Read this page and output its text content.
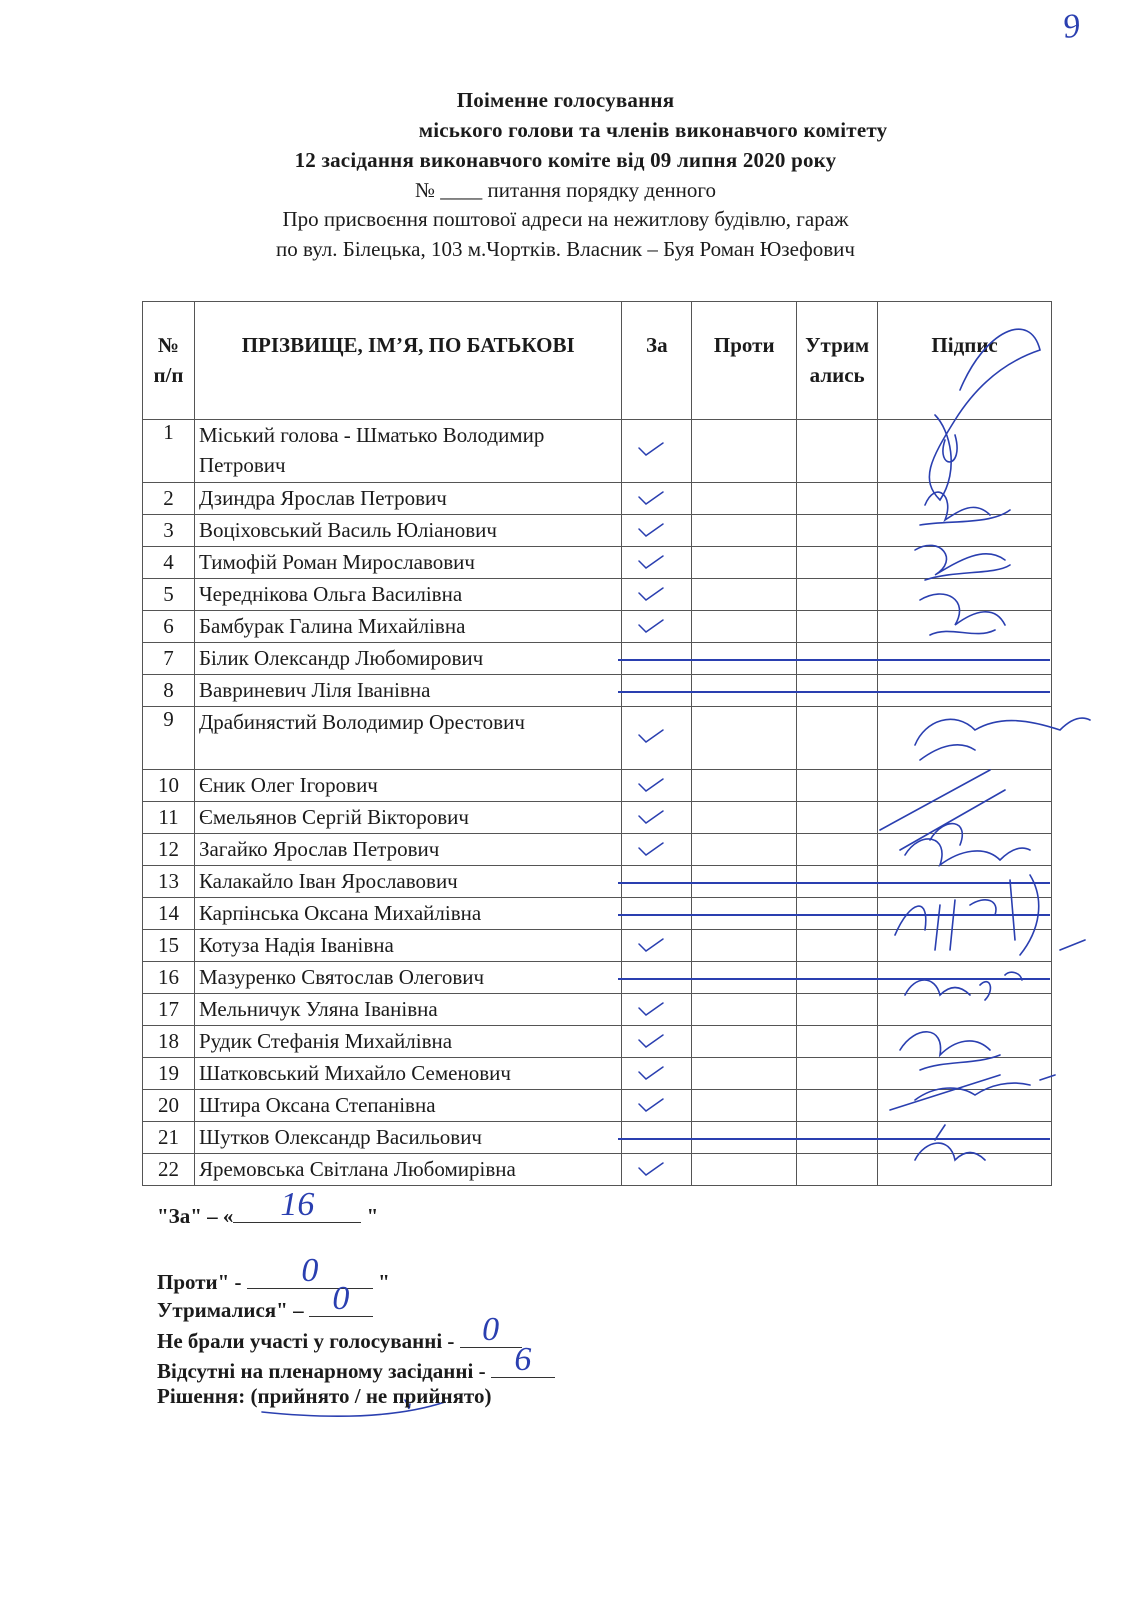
9
Поіменне голосування
міського голови та членів виконавчого комітету
12 засідання виконавчого коміте від 09 липня 2020 року
№ ____ питання порядку денного
Про присвоєння поштової адреси на нежитлову будівлю, гараж
по вул. Білецька, 103 м.Чортків. Власник – Буя Роман Юзефович
№ п/п	ПРІЗВИЩЕ, ІМ’Я, ПО БАТЬКОВІ	За	Проти	Утрим ались	Підпис
1	Міський голова - Шматько Володимир Петрович	

2	Дзиндра Ярослав Петрович	

3	Воціховський Василь Юліанович	

4	Тимофій Роман Мирославович	

5	Череднікова Ольга Василівна	

6	Бамбурак Галина Михайлівна	

7	Білик Олександр Любомирович				
8	Вавриневич Ліля Іванівна				
9	Драбинястий Володимир Орестович	

10	Єник Олег Ігорович	

11	Ємельянов Сергій Вікторович	

12	Загайко Ярослав Петрович	

13	Калакайло Іван Ярославович				
14	Карпінська Оксана Михайлівна				
15	Котуза Надія Іванівна	

16	Мазуренко Святослав Олегович				
17	Мельничук Уляна Іванівна	

18	Рудик Стефанія Михайлівна	

19	Шатковський Михайло Семенович	

20	Штира Оксана Степанівна	

21	Шутков Олександр Васильович				
22	Яремовська Світлана Любомирівна	

"За" – « 16 "
Проти" - 0	"
Утрималися" – 0
Не брали участі у голосуванні - 0
Відсутні на пленарному засіданні - 6
Рішення: (прийнято / не прийнято)
